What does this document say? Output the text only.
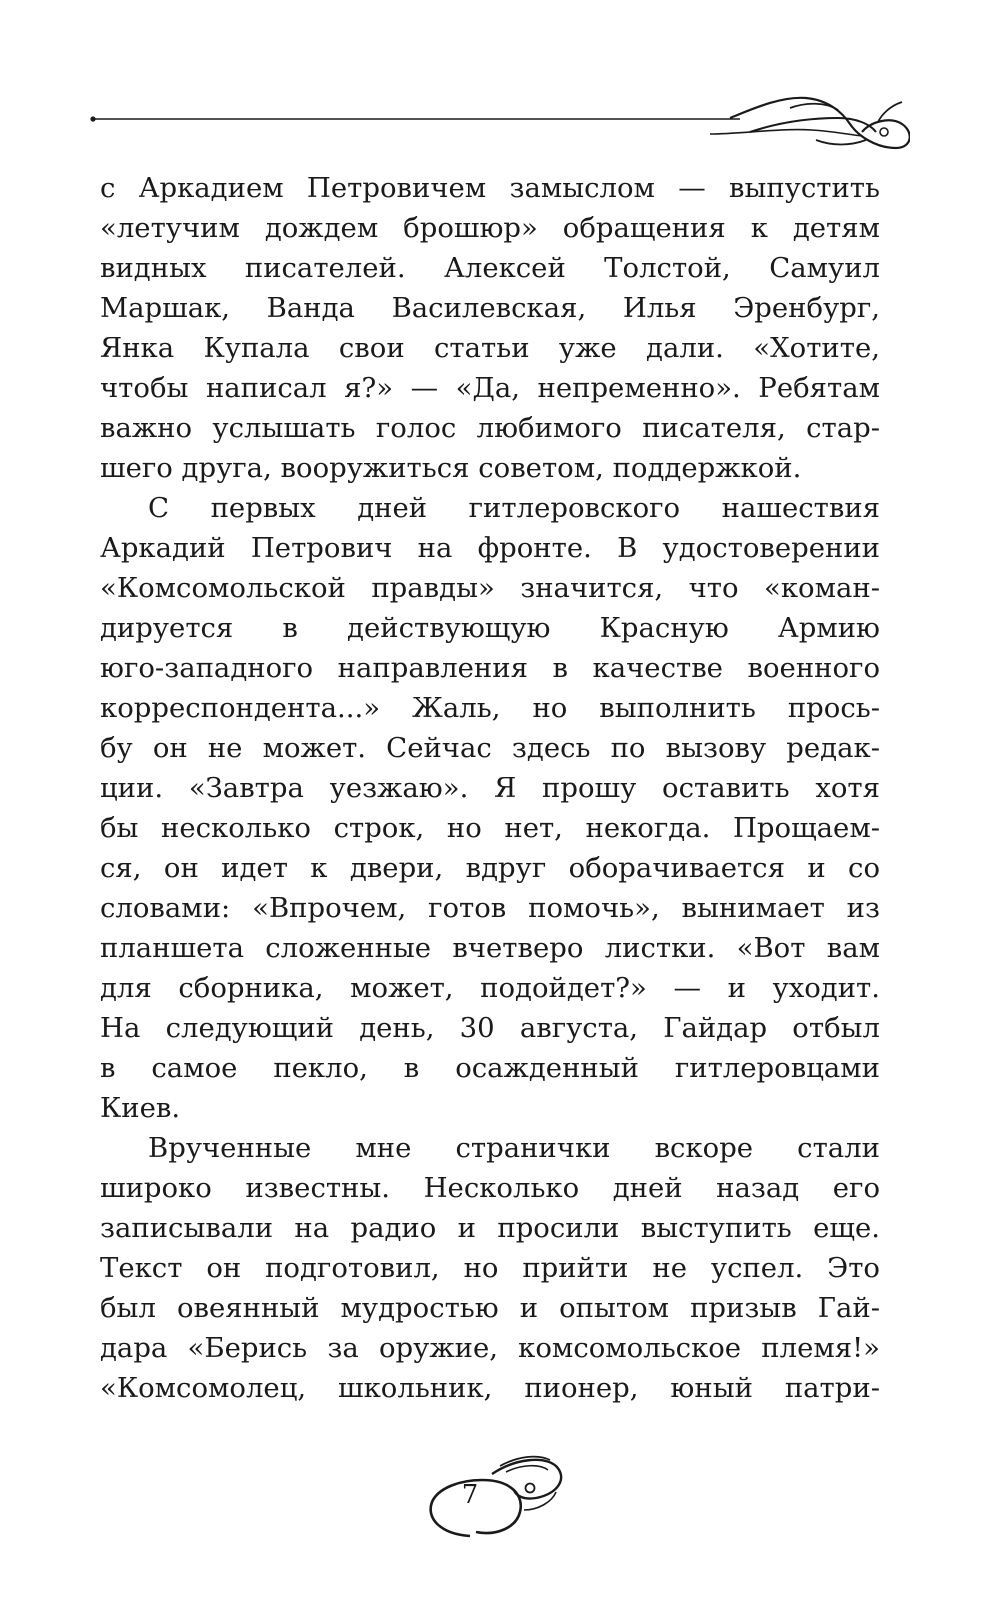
с Аркадием Петровичем замыслом — выпустить
«летучим дождем брошюр» обращения к детям
видных писателей. Алексей Толстой, Самуил
Маршак, Ванда Василевская, Илья Эренбург,
Янка Купала свои статьи уже дали. «Хотите,
чтобы написал я?» — «Да, непременно». Ребятам
важно услышать голос любимого писателя, стар-
шего друга, вооружиться советом, поддержкой.
С первых дней гитлеровского нашествия
Аркадий Петрович на фронте. В удостоверении
«Комсомольской правды» значится, что «коман-
дируется в действующую Красную Армию
юго-западного направления в качестве военного
корреспондента...» Жаль, но выполнить прось-
бу он не может. Сейчас здесь по вызову редак-
ции. «Завтра уезжаю». Я прошу оставить хотя
бы несколько строк, но нет, некогда. Прощаем-
ся, он идет к двери, вдруг оборачивается и со
словами: «Впрочем, готов помочь», вынимает из
планшета сложенные вчетверо листки. «Вот вам
для сборника, может, подойдет?» — и уходит.
На следующий день, 30 августа, Гайдар отбыл
в самое пекло, в осажденный гитлеровцами
Киев.
Врученные мне странички вскоре стали
широко известны. Несколько дней назад его
записывали на радио и просили выступить еще.
Текст он подготовил, но прийти не успел. Это
был овеянный мудростью и опытом призыв Гай-
дара «Берись за оружие, комсомольское племя!»
«Комсомолец, школьник, пионер, юный патри-
7
